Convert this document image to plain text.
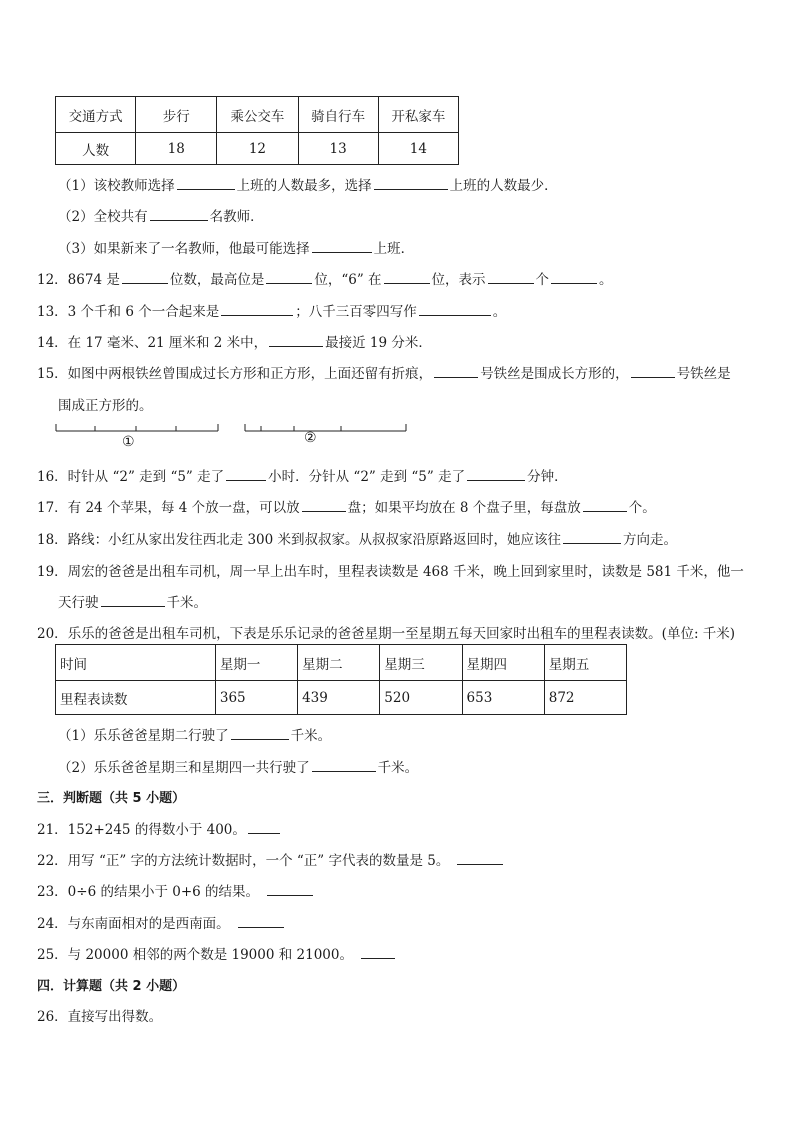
交通方式	步行	乘公交车	骑自行车	开私家车
人数	18	12	13	14
（1）该校教师选择	上班的人数最多，选择	上班的人数最少．
（2）全校共有	名教师．
（3）如果新来了一名教师，他最可能选择	上班．
12．8674 是	位数，最高位是	位，“6” 在	位，表示	个	。
13．3 个千和 6 个一合起来是	；八千三百零四写作	。
14．在 17 毫米、21 厘米和 2 米中，	最接近 19 分米．
15．如图中两根铁丝曾围成过长方形和正方形，上面还留有折痕，	号铁丝是围成长方形的，	号铁丝是
围成正方形的。
①	②
16．时针从 “2” 走到 “5” 走了	小时．分针从 “2” 走到 “5” 走了	分钟．
17．有 24 个苹果，每 4 个放一盘，可以放	盘；如果平均放在 8 个盘子里，每盘放	个。
18．路线：小红从家出发往西北走 300 米到叔叔家。从叔叔家沿原路返回时，她应该往	方向走。
19．周宏的爸爸是出租车司机，周一早上出车时，里程表读数是 468 千米，晚上回到家里时，读数是 581 千米，他一
天行驶	千米。
20．乐乐的爸爸是出租车司机，下表是乐乐记录的爸爸星期一至星期五每天回家时出租车的里程表读数。(单位: 千米)
时间	星期一	星期二	星期三	星期四	星期五
里程表读数	365	439	520	653	872
（1）乐乐爸爸星期二行驶了	千米。
（2）乐乐爸爸星期三和星期四一共行驶了	千米。
三．判断题（共 5 小题）
21．152+245 的得数小于 400。
22．用写 “正” 字的方法统计数据时，一个 “正” 字代表的数量是 5。
23．0÷6 的结果小于 0+6 的结果。
24．与东南面相对的是西南面。
25．与 20000 相邻的两个数是 19000 和 21000。
四．计算题（共 2 小题）
26．直接写出得数。
